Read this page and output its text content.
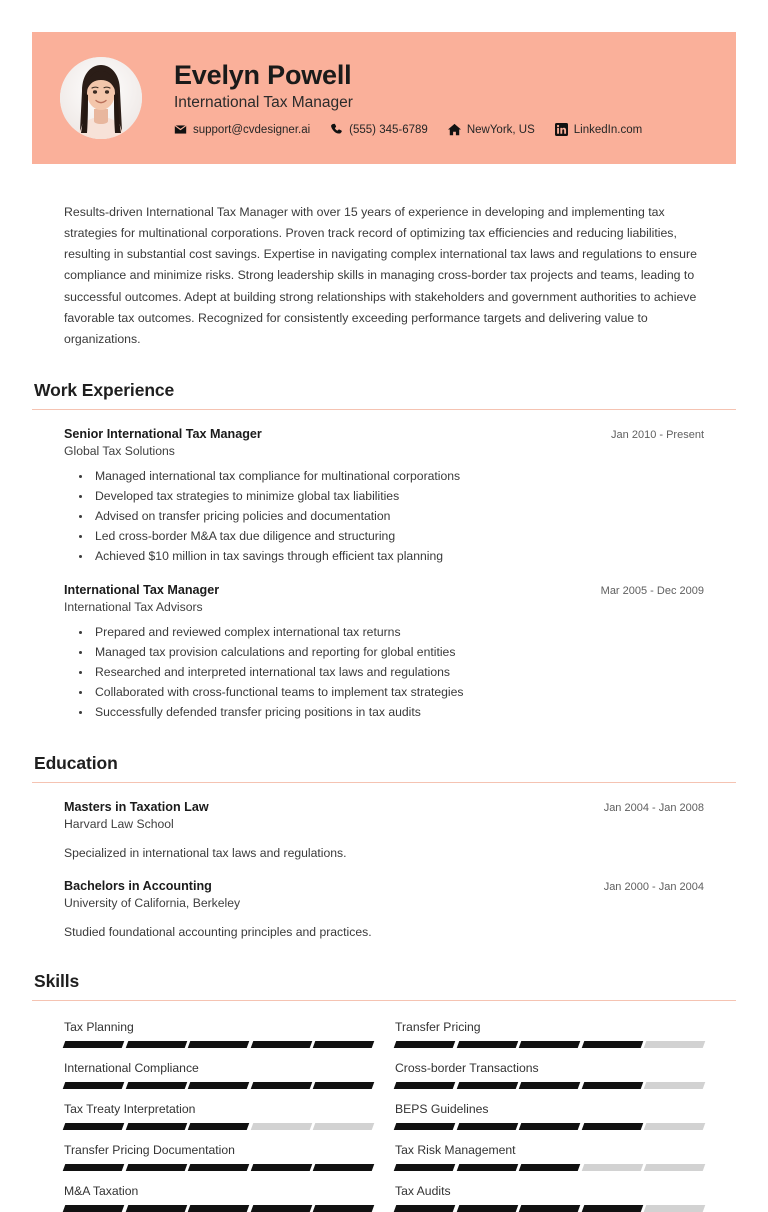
Evelyn Powell
International Tax Manager
support@cvdesigner.ai	(555) 345-6789	NewYork, US	LinkedIn.com
Results-driven International Tax Manager with over 15 years of experience in developing and implementing tax strategies for multinational corporations. Proven track record of optimizing tax efficiencies and reducing liabilities, resulting in substantial cost savings. Expertise in navigating complex international tax laws and regulations to ensure compliance and minimize risks. Strong leadership skills in managing cross-border tax projects and teams, leading to successful outcomes. Adept at building strong relationships with stakeholders and government authorities to achieve favorable tax outcomes. Recognized for consistently exceeding performance targets and delivering value to organizations.
Work Experience
Senior International Tax Manager	Jan 2010 - Present
Global Tax Solutions
• Managed international tax compliance for multinational corporations
• Developed tax strategies to minimize global tax liabilities
• Advised on transfer pricing policies and documentation
• Led cross-border M&A tax due diligence and structuring
• Achieved $10 million in tax savings through efficient tax planning
International Tax Manager	Mar 2005 - Dec 2009
International Tax Advisors
• Prepared and reviewed complex international tax returns
• Managed tax provision calculations and reporting for global entities
• Researched and interpreted international tax laws and regulations
• Collaborated with cross-functional teams to implement tax strategies
• Successfully defended transfer pricing positions in tax audits
Education
Masters in Taxation Law	Jan 2004 - Jan 2008
Harvard Law School
Specialized in international tax laws and regulations.
Bachelors in Accounting	Jan 2000 - Jan 2004
University of California, Berkeley
Studied foundational accounting principles and practices.
Skills
Tax Planning	Transfer Pricing
International Compliance	Cross-border Transactions
Tax Treaty Interpretation	BEPS Guidelines
Transfer Pricing Documentation	Tax Risk Management
M&A Taxation	Tax Audits
